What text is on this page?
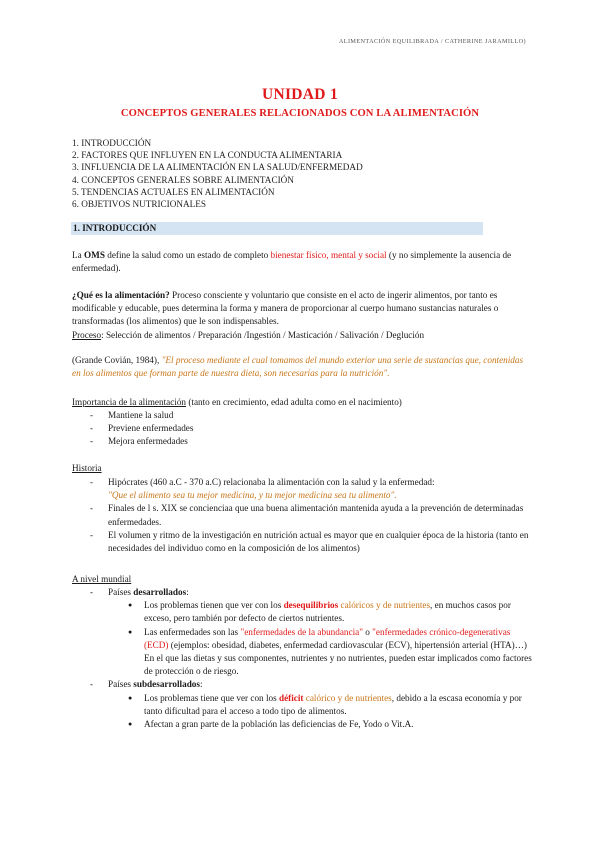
ALIMENTACIÓN EQUILIBRADA / CATHERINE JARAMILLO)
UNIDAD 1
CONCEPTOS GENERALES RELACIONADOS CON LA ALIMENTACIÓN
1. INTRODUCCIÓN
2. FACTORES QUE INFLUYEN EN LA CONDUCTA ALIMENTARIA
3. INFLUENCIA DE LA ALIMENTACIÓN EN LA SALUD/ENFERMEDAD
4. CONCEPTOS GENERALES SOBRE ALIMENTACIÓN
5. TENDENCIAS ACTUALES EN ALIMENTACIÓN
6. OBJETIVOS NUTRICIONALES
1. INTRODUCCIÓN
La OMS define la salud como un estado de completo bienestar físico, mental y social (y no simplemente la ausencia de enfermedad).
¿Qué es la alimentación? Proceso consciente y voluntario que consiste en el acto de ingerir alimentos, por tanto es modificable y educable, pues determina la forma y manera de proporcionar al cuerpo humano sustancias naturales o transformadas (los alimentos) que le son indispensables.
Proceso: Selección de alimentos / Preparación /Ingestión / Masticación / Salivación / Deglución
(Grande Covián, 1984), "El proceso mediante el cual tomamos del mundo exterior una serie de sustancias que, contenidas en los alimentos que forman parte de nuestra dieta, son necesarias para la nutrición".
Importancia de la alimentación (tanto en crecimiento, edad adulta como en el nacimiento)
- Mantiene la salud
- Previene enfermedades
- Mejora enfermedades
Historia
- Hipócrates (460 a.C - 370 a.C) relacionaba la alimentación con la salud y la enfermedad:
"Que el alimento sea tu mejor medicina, y tu mejor medicina sea tu alimento".
- Finales de l s. XIX se concienciaa que una buena alimentación mantenida ayuda a la prevención de determinadas enfermedades.
- El volumen y ritmo de la investigación en nutrición actual es mayor que en cualquier época de la historia (tanto en necesidades del individuo como en la composición de los alimentos)
A nivel mundial
- Países desarrollados:
● Los problemas tienen que ver con los desequilibrios calóricos y de nutrientes, en muchos casos por exceso, pero también por defecto de ciertos nutrientes.
● Las enfermedades son las "enfermedades de la abundancia" o "enfermedades crónico-degenerativas (ECD) (ejemplos: obesidad, diabetes, enfermedad cardiovascular (ECV), hipertensión arterial (HTA)…) En el que las dietas y sus componentes, nutrientes y no nutrientes, pueden estar implicados como factores de protección o de riesgo.
- Países subdesarrollados:
● Los problemas tiene que ver con los déficit calórico y de nutrientes, debido a la escasa economía y por tanto dificultad para el acceso a todo tipo de alimentos.
● Afectan a gran parte de la población las deficiencias de Fe, Yodo o Vit.A.
